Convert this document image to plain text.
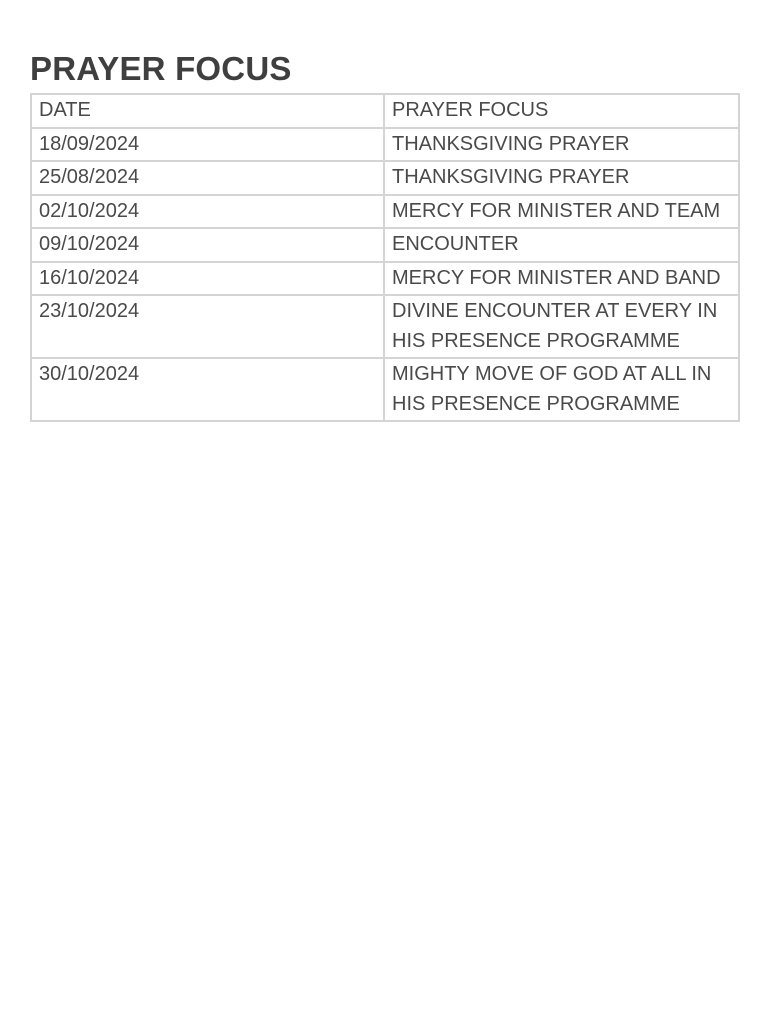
PRAYER FOCUS
DATE	PRAYER FOCUS

18/09/2024	THANKSGIVING PRAYER

25/08/2024	THANKSGIVING PRAYER

02/10/2024	MERCY FOR MINISTER AND TEAM

09/10/2024	ENCOUNTER

16/10/2024	MERCY FOR MINISTER AND BAND

23/10/2024	DIVINE ENCOUNTER AT EVERY IN HIS PRESENCE PROGRAMME

30/10/2024	MIGHTY MOVE OF GOD AT ALL IN HIS PRESENCE PROGRAMME
